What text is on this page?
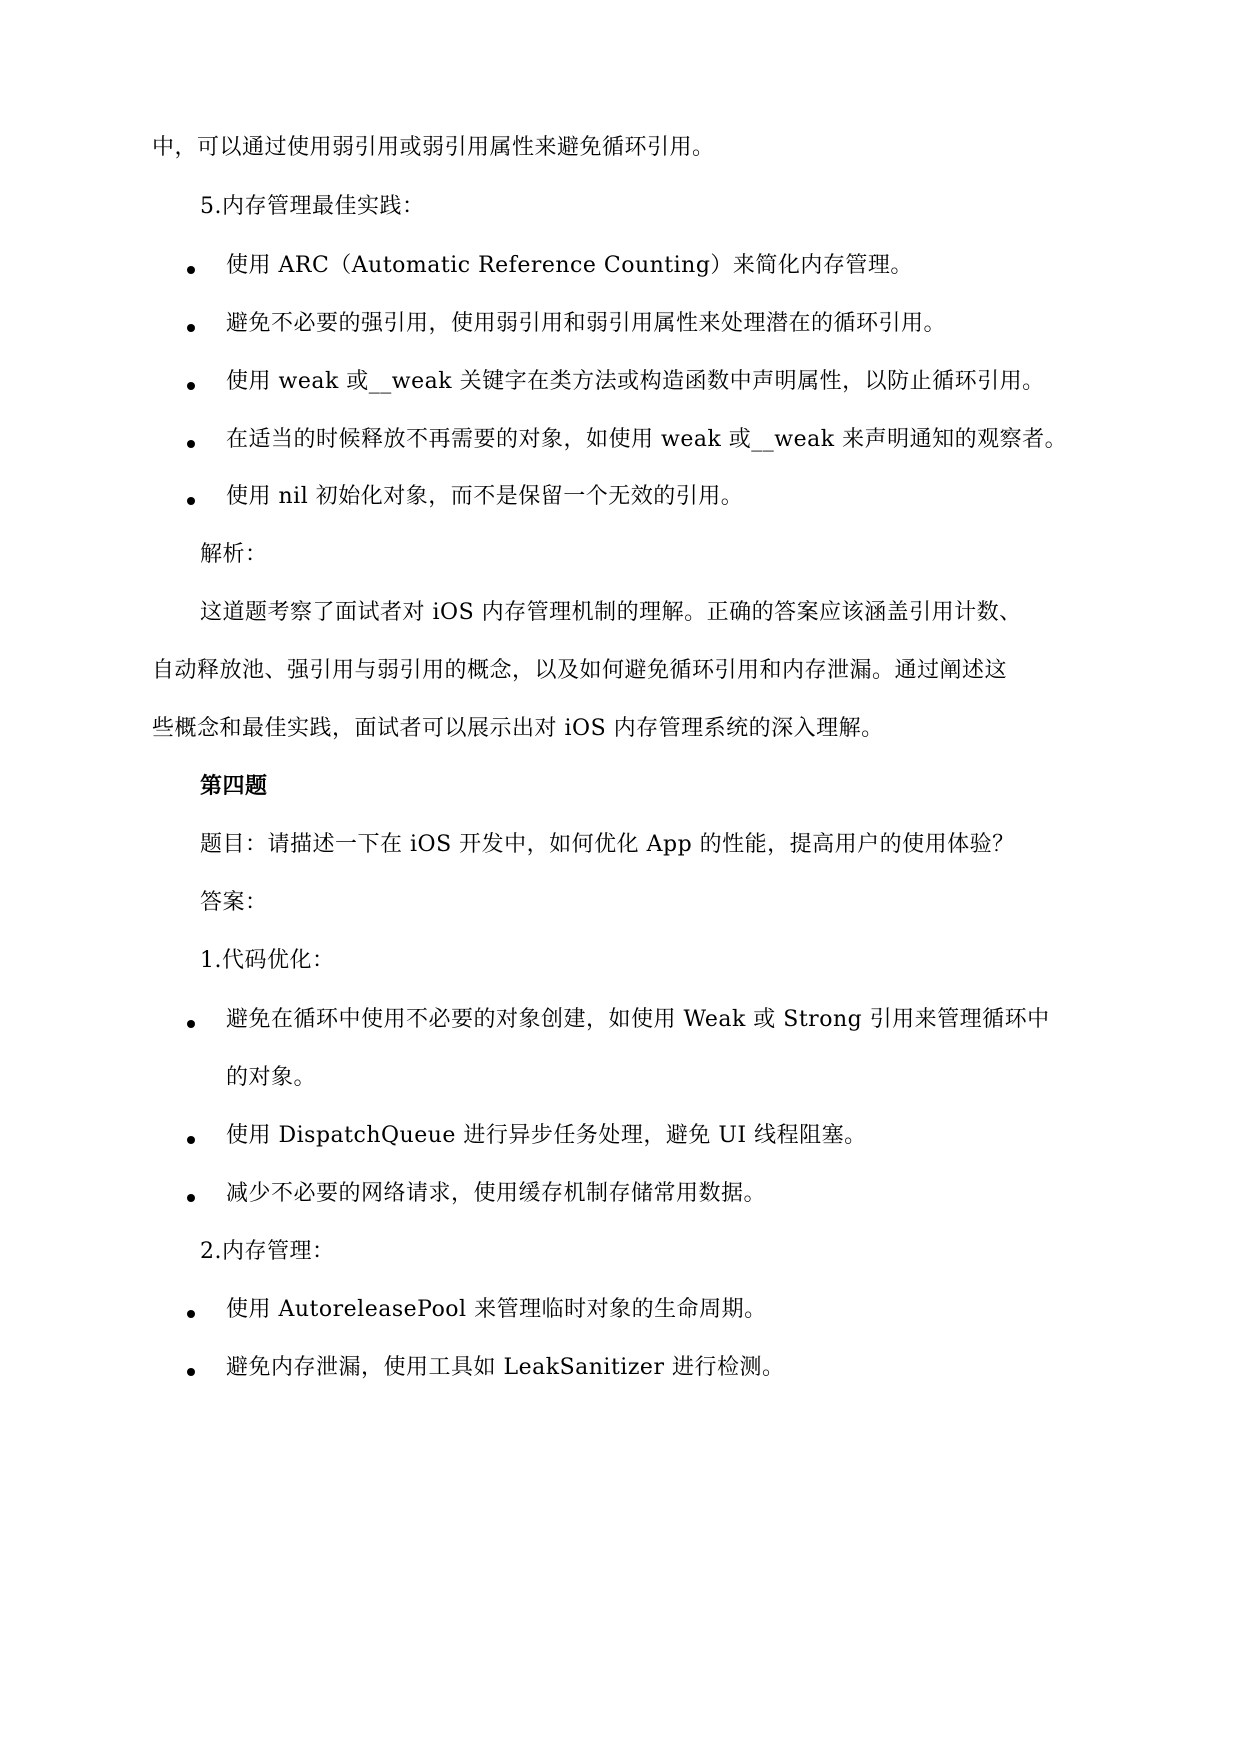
中，可以通过使用弱引用或弱引用属性来避免循环引用。
5.内存管理最佳实践：
使用 ARC（Automatic Reference Counting）来简化内存管理。
避免不必要的强引用，使用弱引用和弱引用属性来处理潜在的循环引用。
使用 weak 或__weak 关键字在类方法或构造函数中声明属性，以防止循环引用。
在适当的时候释放不再需要的对象，如使用 weak 或__weak 来声明通知的观察者。
使用 nil 初始化对象，而不是保留一个无效的引用。
解析：
这道题考察了面试者对 iOS 内存管理机制的理解。正确的答案应该涵盖引用计数、
自动释放池、强引用与弱引用的概念，以及如何避免循环引用和内存泄漏。通过阐述这
些概念和最佳实践，面试者可以展示出对 iOS 内存管理系统的深入理解。
第四题
题目：请描述一下在 iOS 开发中，如何优化 App 的性能，提高用户的使用体验？
答案：
1.代码优化：
避免在循环中使用不必要的对象创建，如使用 Weak 或 Strong 引用来管理循环中
的对象。
使用 DispatchQueue 进行异步任务处理，避免 UI 线程阻塞。
减少不必要的网络请求，使用缓存机制存储常用数据。
2.内存管理：
使用 AutoreleasePool 来管理临时对象的生命周期。
避免内存泄漏，使用工具如 LeakSanitizer 进行检测。
